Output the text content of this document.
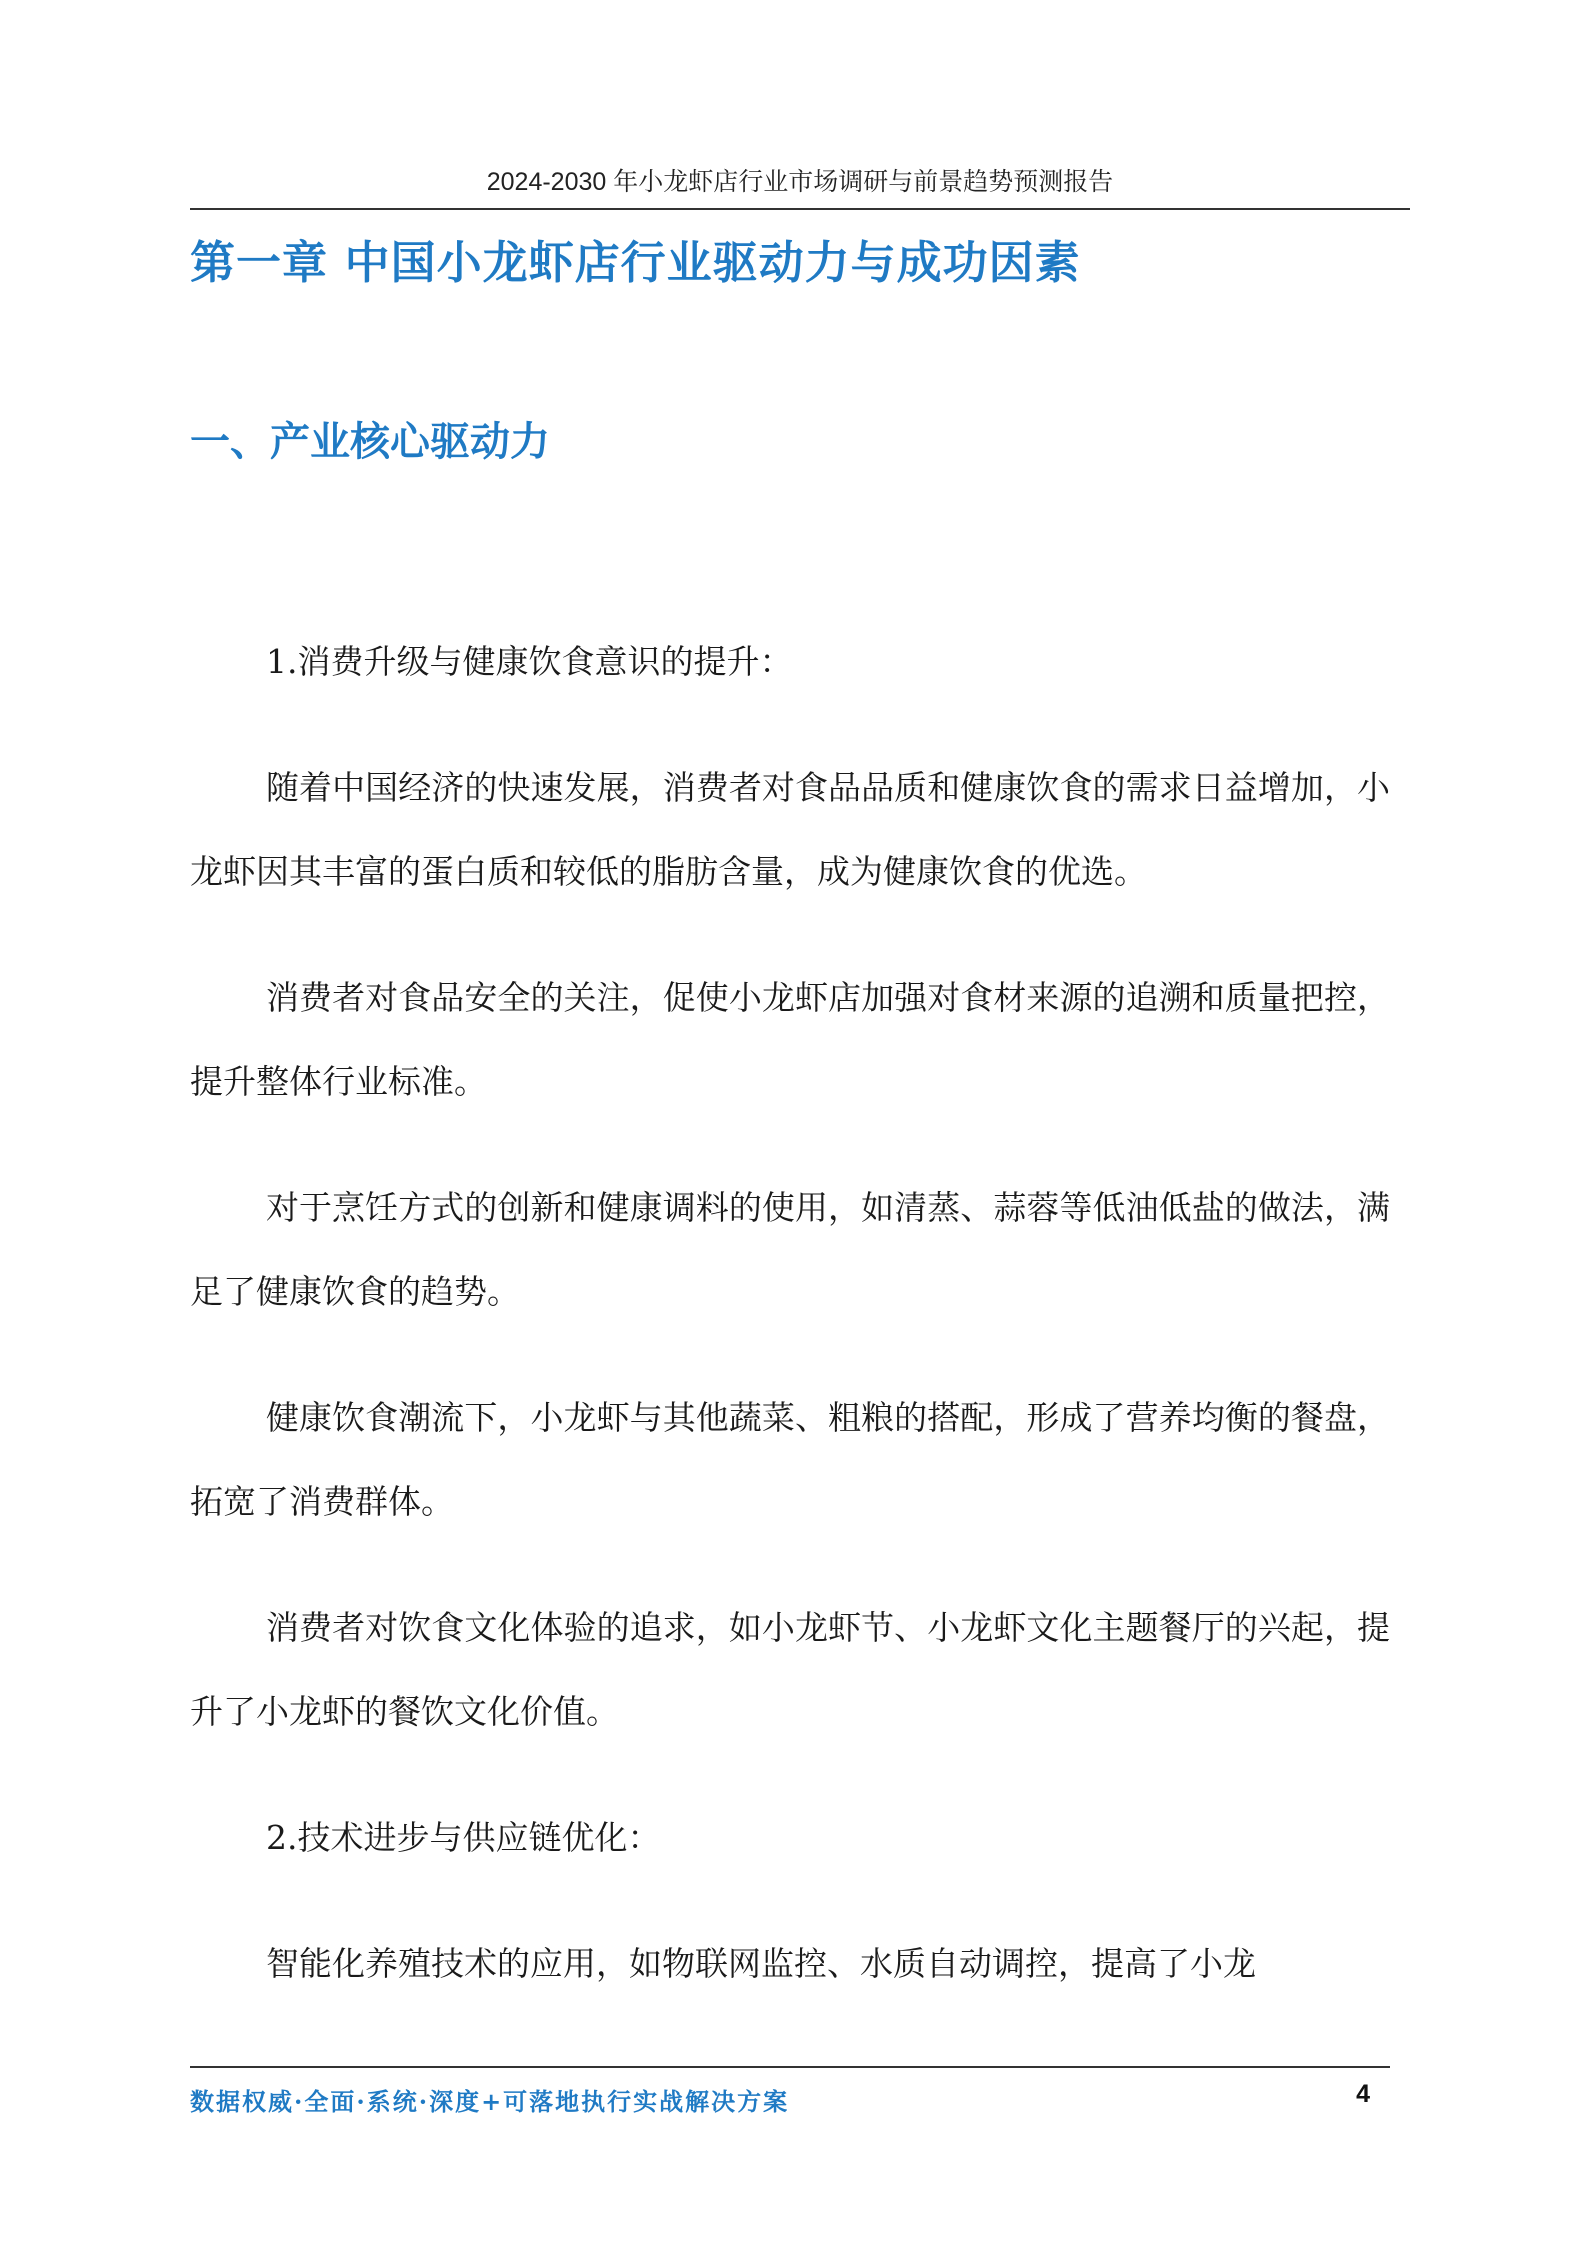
2024-2030 年小龙虾店行业市场调研与前景趋势预测报告
第一章 中国小龙虾店行业驱动力与成功因素
一、产业核心驱动力

1.消费升级与健康饮食意识的提升：

随着中国经济的快速发展，消费者对食品品质和健康饮食的需求日益增加，小龙虾因其丰富的蛋白质和较低的脂肪含量，成为健康饮食的优选。

消费者对食品安全的关注，促使小龙虾店加强对食材来源的追溯和质量把控，提升整体行业标准。

对于烹饪方式的创新和健康调料的使用，如清蒸、蒜蓉等低油低盐的做法，满足了健康饮食的趋势。

健康饮食潮流下，小龙虾与其他蔬菜、粗粮的搭配，形成了营养均衡的餐盘，拓宽了消费群体。

消费者对饮食文化体验的追求，如小龙虾节、小龙虾文化主题餐厅的兴起，提升了小龙虾的餐饮文化价值。

2.技术进步与供应链优化：

智能化养殖技术的应用，如物联网监控、水质自动调控，提高了小龙

数据权威·全面·系统·深度+可落地执行实战解决方案	4
